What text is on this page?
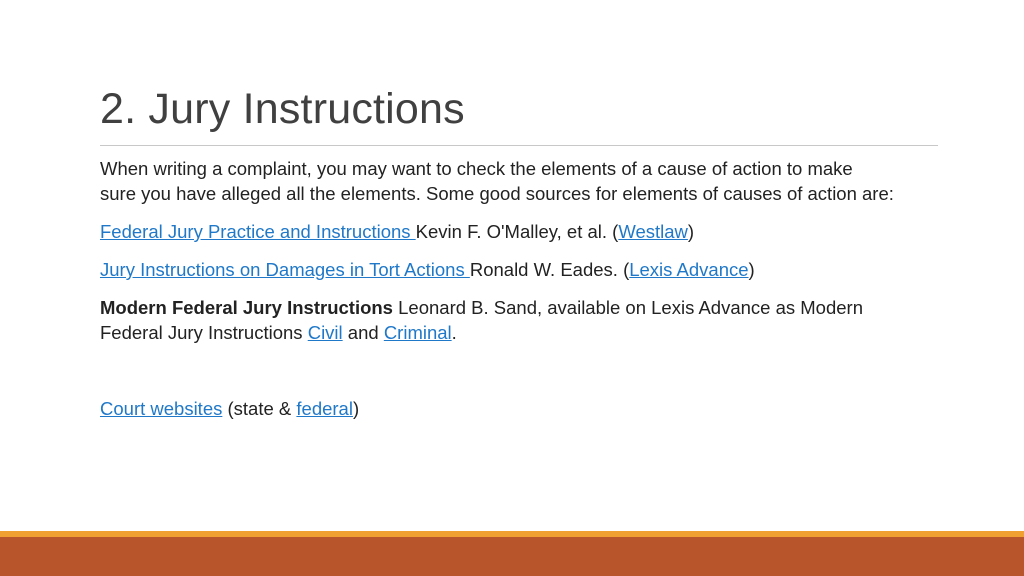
2. Jury Instructions

When writing a complaint, you may want to check the elements of a cause of action to make
sure you have alleged all the elements. Some good sources for elements of causes of action are:

Federal Jury Practice and Instructions Kevin F. O'Malley, et al. (Westlaw)

Jury Instructions on Damages in Tort Actions Ronald W. Eades. (Lexis Advance)

Modern Federal Jury Instructions Leonard B. Sand, available on Lexis Advance as Modern
Federal Jury Instructions Civil and Criminal.

Court websites (state & federal)
